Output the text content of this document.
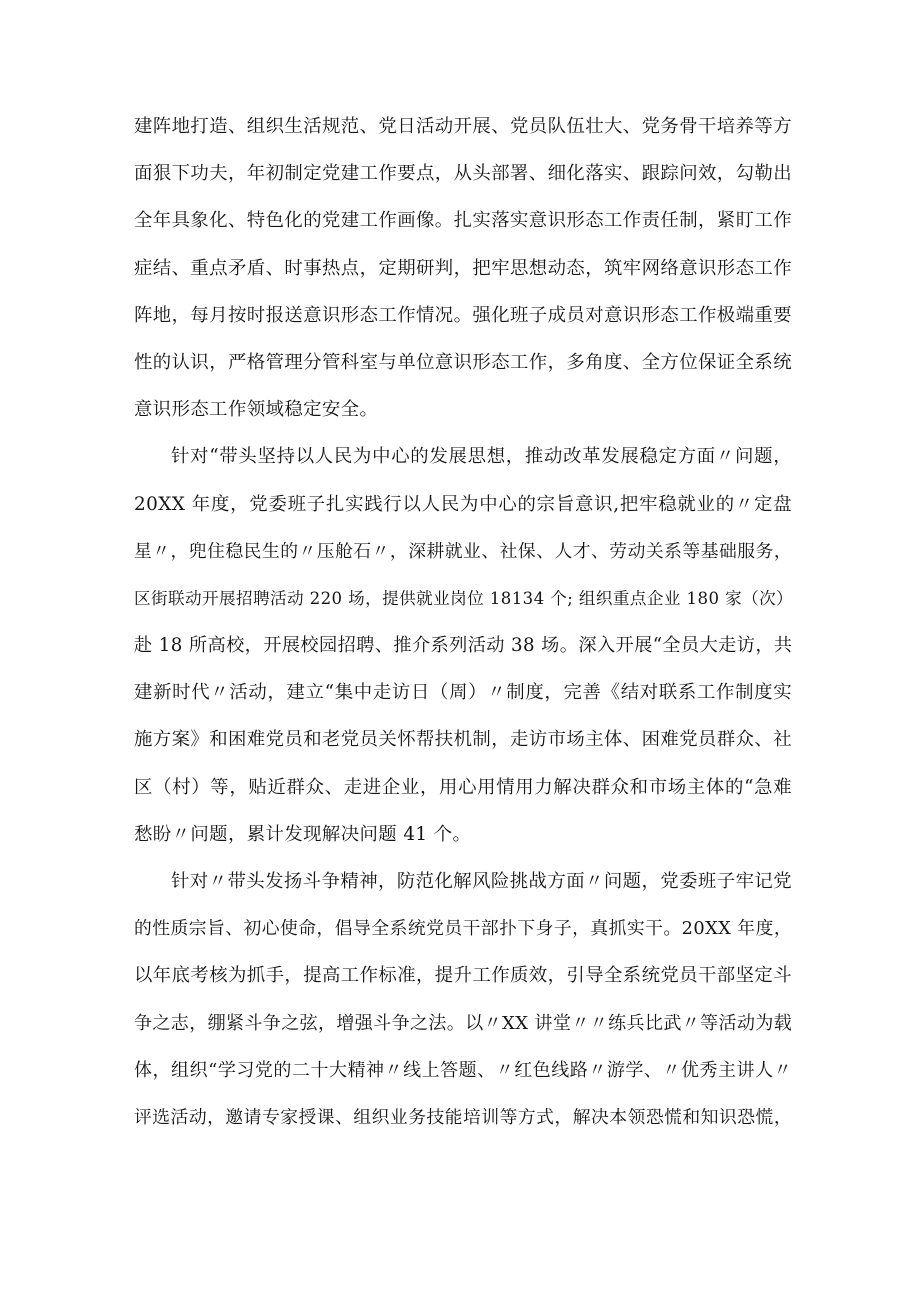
建阵地打造、组织生活规范、党日活动开展、党员队伍壮大、党务骨干培养等方
面狠下功夫，年初制定党建工作要点，从头部署、细化落实、跟踪问效，勾勒出
全年具象化、特色化的党建工作画像。扎实落实意识形态工作责任制，紧盯工作
症结、重点矛盾、时事热点，定期研判，把牢思想动态，筑牢网络意识形态工作
阵地，每月按时报送意识形态工作情况。强化班子成员对意识形态工作极端重要
性的认识，严格管理分管科室与单位意识形态工作，多角度、全方位保证全系统
意识形态工作领域稳定安全。
针对“带头坚持以人民为中心的发展思想，推动改革发展稳定方面〃问题，
20XX 年度，党委班子扎实践行以人民为中心的宗旨意识,把牢稳就业的〃定盘
星〃，兜住稳民生的〃压舱石〃，深耕就业、社保、人才、劳动关系等基础服务，
区街联动开展招聘活动 220 场，提供就业岗位 18134 个; 组织重点企业 180 家（次）
赴 18 所高校，开展校园招聘、推介系列活动 38 场。深入开展“全员大走访，共
建新时代〃活动，建立“集中走访日（周）〃制度，完善《结对联系工作制度实
施方案》和困难党员和老党员关怀帮扶机制，走访市场主体、困难党员群众、社
区（村）等，贴近群众、走进企业，用心用情用力解决群众和市场主体的“急难
愁盼〃问题，累计发现解决问题 41 个。
针对〃带头发扬斗争精神，防范化解风险挑战方面〃问题，党委班子牢记党
的性质宗旨、初心使命，倡导全系统党员干部扑下身子，真抓实干。20XX 年度，
以年底考核为抓手，提高工作标准，提升工作质效，引导全系统党员干部坚定斗
争之志，绷紧斗争之弦，增强斗争之法。以〃XX 讲堂〃〃练兵比武〃等活动为载
体，组织“学习党的二十大精神〃线上答题、〃红色线路〃游学、〃优秀主讲人〃
评选活动，邀请专家授课、组织业务技能培训等方式，解决本领恐慌和知识恐慌，
